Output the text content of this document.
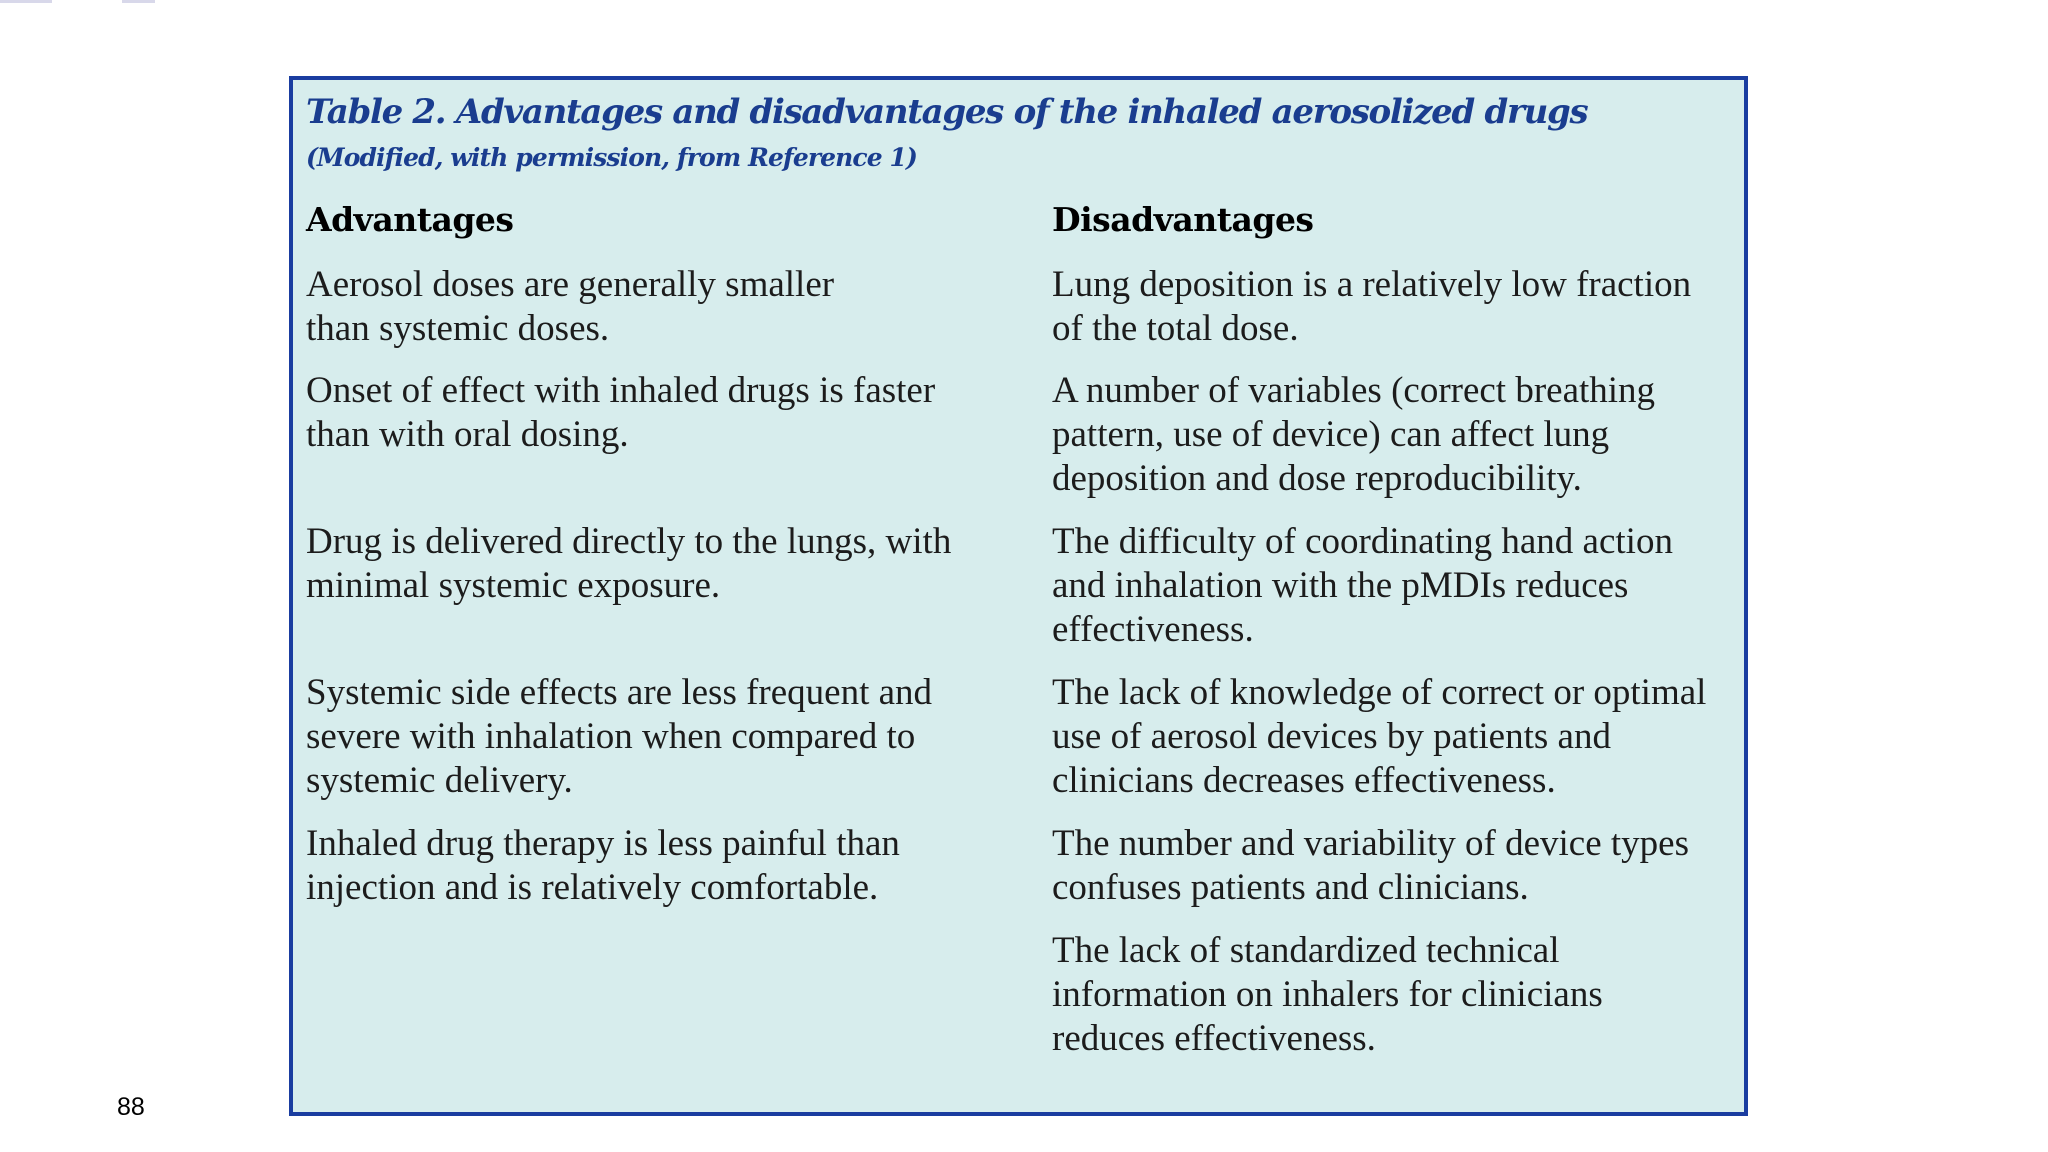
Table 2. Advantages and disadvantages of the inhaled aerosolized drugs
(Modified, with permission, from Reference 1)
Advantages	Disadvantages
Aerosol doses are generally smaller
than systemic doses.
Onset of effect with inhaled drugs is faster
than with oral dosing.
Drug is delivered directly to the lungs, with
minimal systemic exposure.
Systemic side effects are less frequent and
severe with inhalation when compared to
systemic delivery.
Inhaled drug therapy is less painful than
injection and is relatively comfortable.
Lung deposition is a relatively low fraction
of the total dose.
A number of variables (correct breathing
pattern, use of device) can affect lung
deposition and dose reproducibility.
The difficulty of coordinating hand action
and inhalation with the pMDIs reduces
effectiveness.
The lack of knowledge of correct or optimal
use of aerosol devices by patients and
clinicians decreases effectiveness.
The number and variability of device types
confuses patients and clinicians.
The lack of standardized technical
information on inhalers for clinicians
reduces effectiveness.
88
